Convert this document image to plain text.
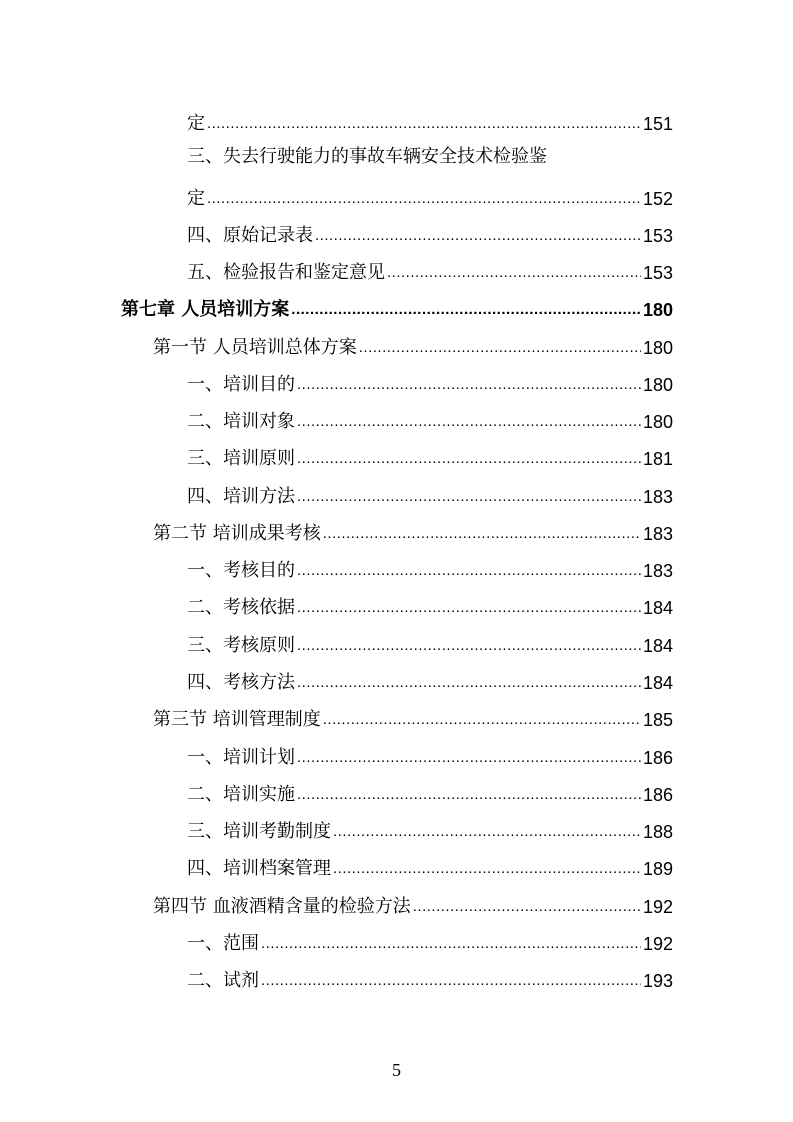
定 .....	151
三、失去行驶能力的事故车辆安全技术检验鉴
定 .....	152
四、原始记录表 .....	153
五、检验报告和鉴定意见 .....	153
第七章 人员培训方案 .....	180
第一节 人员培训总体方案 .....	180
一、培训目的 .....	180
二、培训对象 .....	180
三、培训原则 .....	181
四、培训方法 .....	183
第二节 培训成果考核 .....	183
一、考核目的 .....	183
二、考核依据 .....	184
三、考核原则 .....	184
四、考核方法 .....	184
第三节 培训管理制度 .....	185
一、培训计划 .....	186
二、培训实施 .....	186
三、培训考勤制度 .....	188
四、培训档案管理 .....	189
第四节 血液酒精含量的检验方法 .....	192
一、范围 .....	192
二、试剂 .....	193
5
